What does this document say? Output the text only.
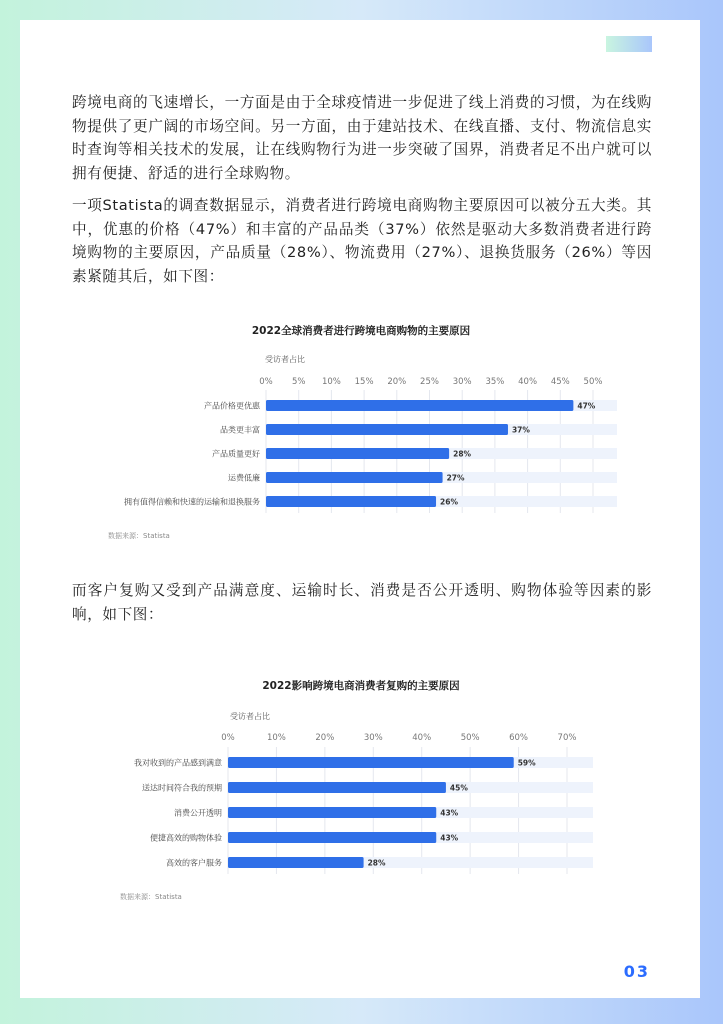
跨境电商的飞速增长，一方面是由于全球疫情进一步促进了线上消费的习惯，为在线购物提供了更广阔的市场空间。另一方面，由于建站技术、在线直播、支付、物流信息实时查询等相关技术的发展，让在线购物行为进一步突破了国界，消费者足不出户就可以拥有便捷、舒适的进行全球购物。

一项Statista的调查数据显示，消费者进行跨境电商购物主要原因可以被分五大类。其中，优惠的价格（47%）和丰富的产品品类（37%）依然是驱动大多数消费者进行跨境购物的主要原因，产品质量（28%）、物流费用（27%）、退换货服务（26%）等因素紧随其后，如下图：

2022全球消费者进行跨境电商购物的主要原因
受访者占比
0% 5% 10% 15% 20% 25% 30% 35% 40% 45% 50%
产品价格更优惠	47%
品类更丰富	37%
产品质量更好	28%
运费低廉	27%
拥有值得信赖和快速的运输和退换服务	26%
数据来源：Statista

而客户复购又受到产品满意度、运输时长、消费是否公开透明、购物体验等因素的影响，如下图：

2022影响跨境电商消费者复购的主要原因
受访者占比
0%	10%	20%	30%	40%	50%	60%	70%
我对收到的产品感到满意	59%
送达时间符合我的预期	45%
消费公开透明	43%
便捷高效的购物体验	43%
高效的客户服务	28%
数据来源：Statista
03
